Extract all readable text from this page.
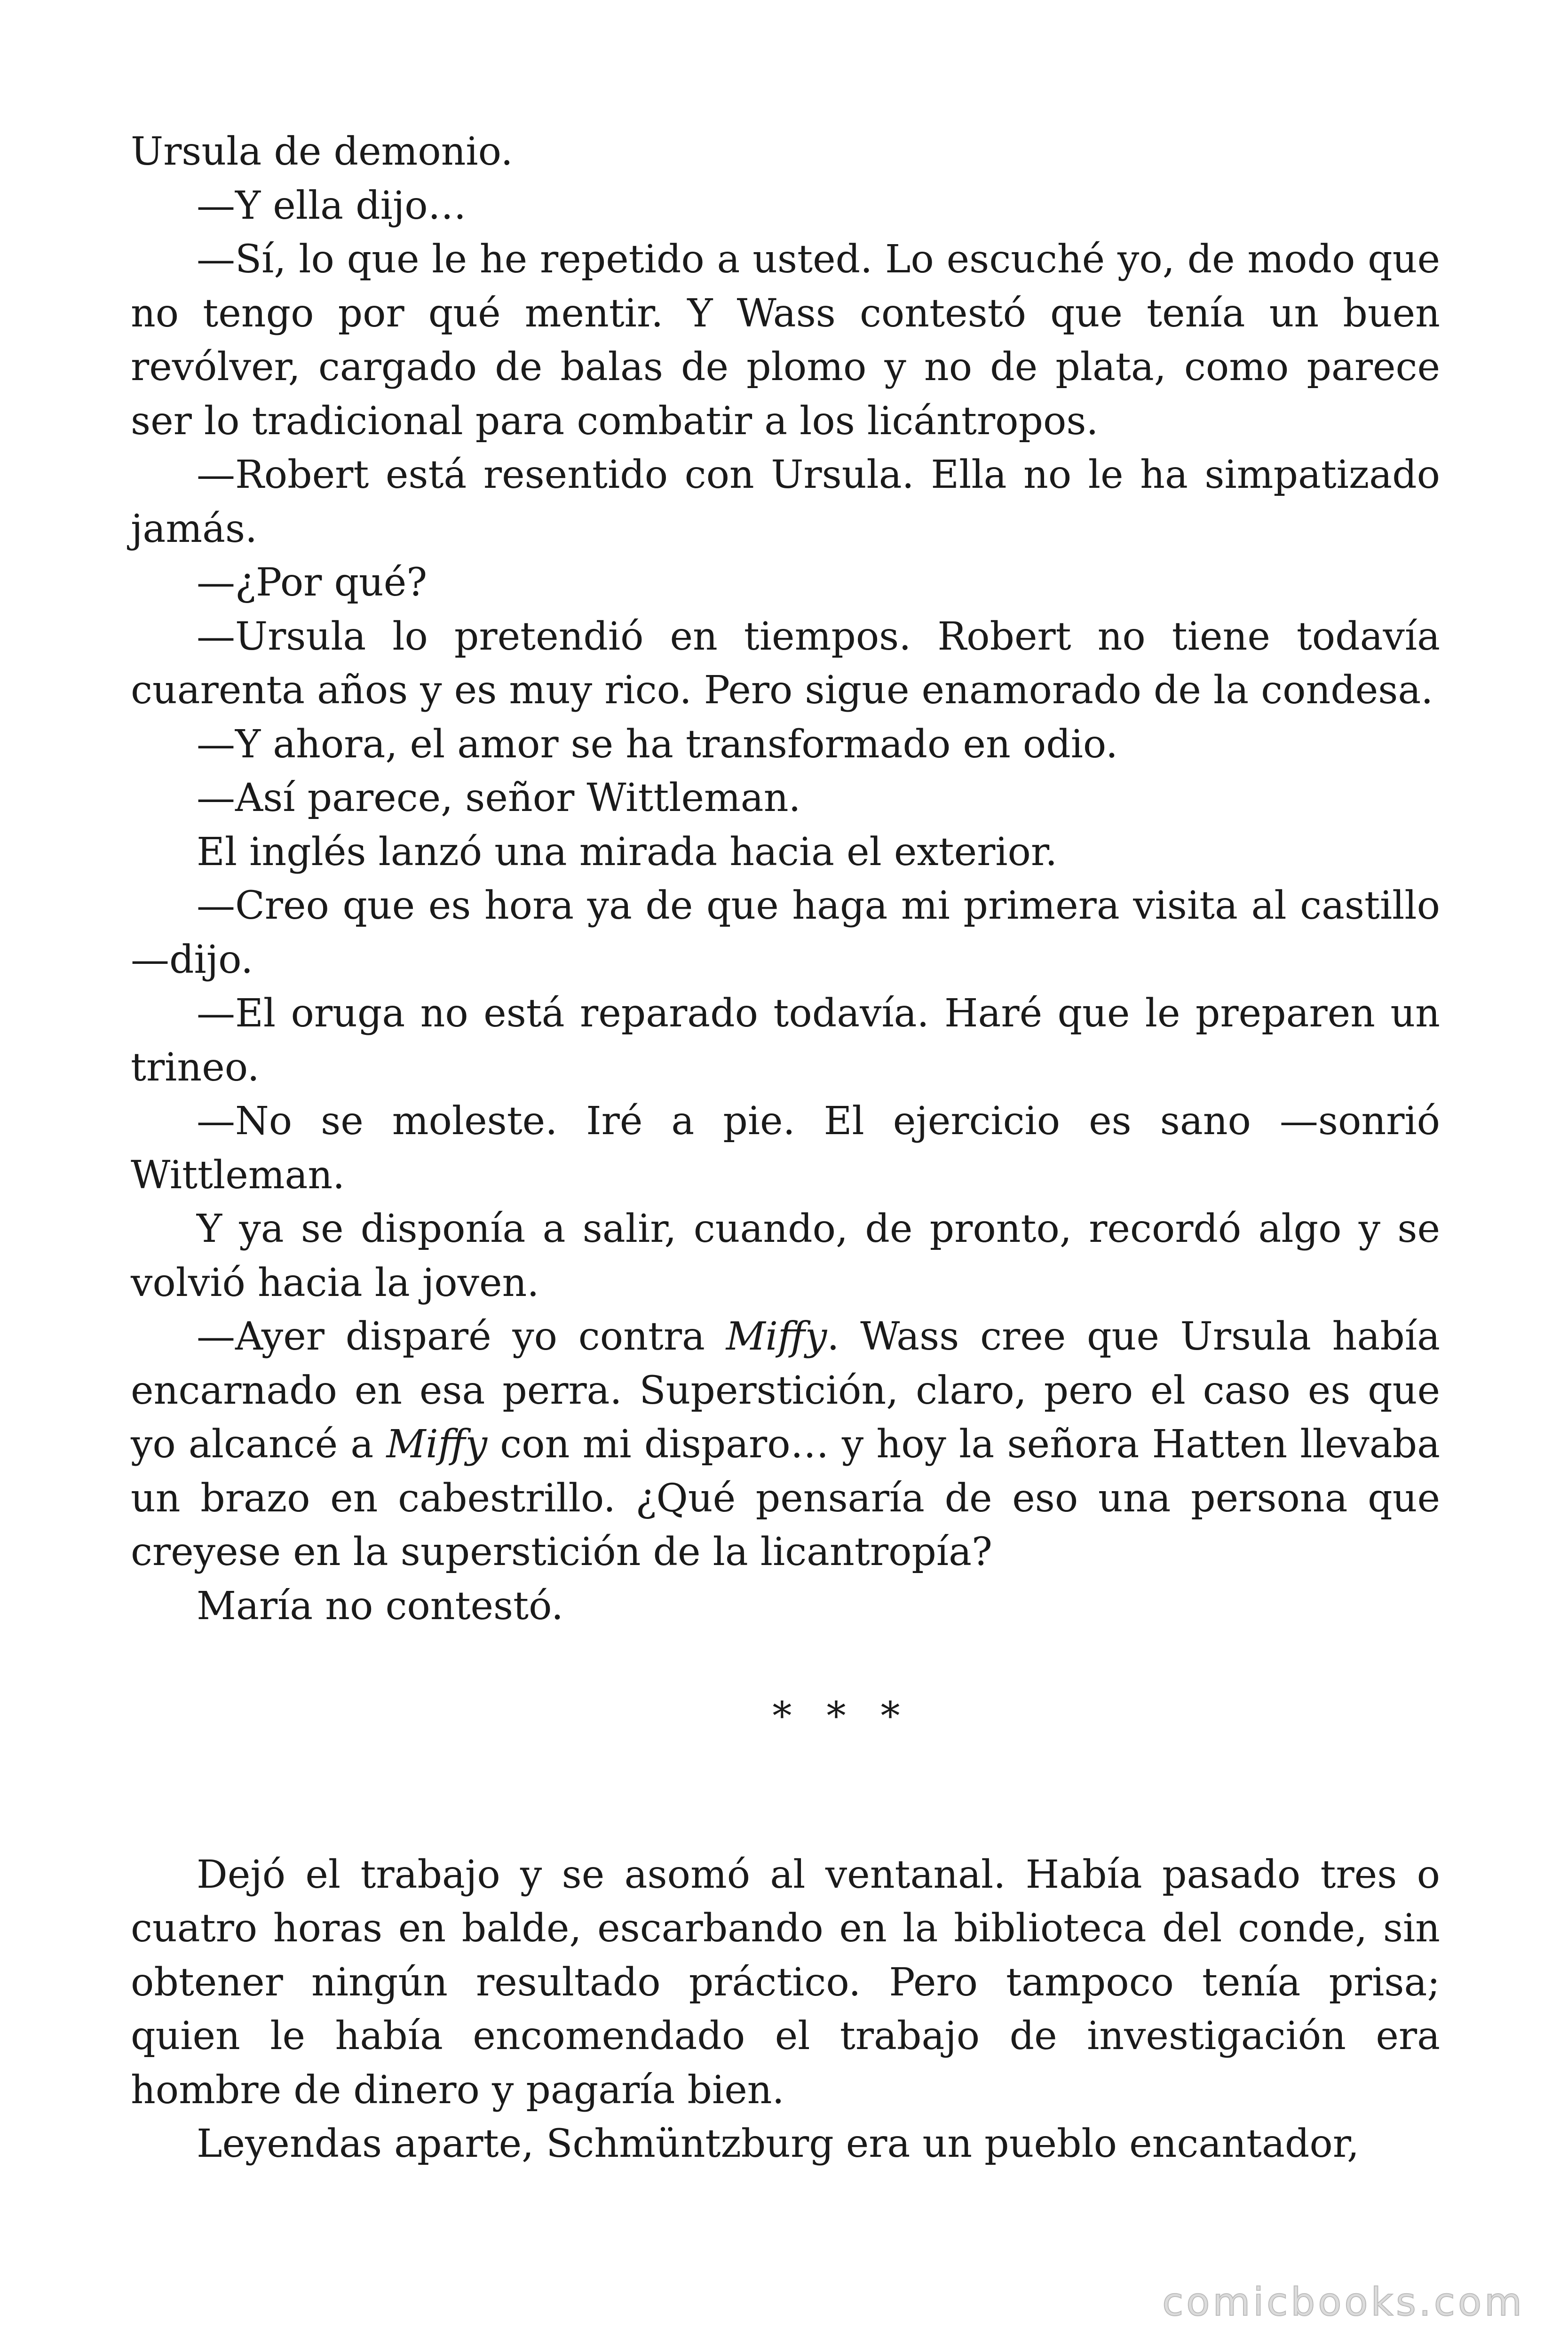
Ursula de demonio.

—Y ella dijo…

—Sí, lo que le he repetido a usted. Lo escuché yo, de modo que no tengo por qué mentir. Y Wass contestó que tenía un buen revólver, cargado de balas de plomo y no de plata, como parece ser lo tradicional para combatir a los licántropos.

—Robert está resentido con Ursula. Ella no le ha simpatizado jamás.

—¿Por qué?

—Ursula lo pretendió en tiempos. Robert no tiene todavía cuarenta años y es muy rico. Pero sigue enamorado de la condesa.

—Y ahora, el amor se ha transformado en odio.

—Así parece, señor Wittleman.

El inglés lanzó una mirada hacia el exterior.

—Creo que es hora ya de que haga mi primera visita al castillo —dijo.

—El oruga no está reparado todavía. Haré que le preparen un trineo.

—No se moleste. Iré a pie. El ejercicio es sano —sonrió Wittleman.

Y ya se disponía a salir, cuando, de pronto, recordó algo y se volvió hacia la joven.

—Ayer disparé yo contra Miffy. Wass cree que Ursula había encarnado en esa perra. Superstición, claro, pero el caso es que yo alcancé a Miffy con mi disparo… y hoy la señora Hatten llevaba un brazo en cabestrillo. ¿Qué pensaría de eso una persona que creyese en la superstición de la licantropía?

María no contestó.

* * *

Dejó el trabajo y se asomó al ventanal. Había pasado tres o cuatro horas en balde, escarbando en la biblioteca del conde, sin obtener ningún resultado práctico. Pero tampoco tenía prisa; quien le había encomendado el trabajo de investigación era hombre de dinero y pagaría bien.

Leyendas aparte, Schmüntzburg era un pueblo encantador,

comicbooks.com
